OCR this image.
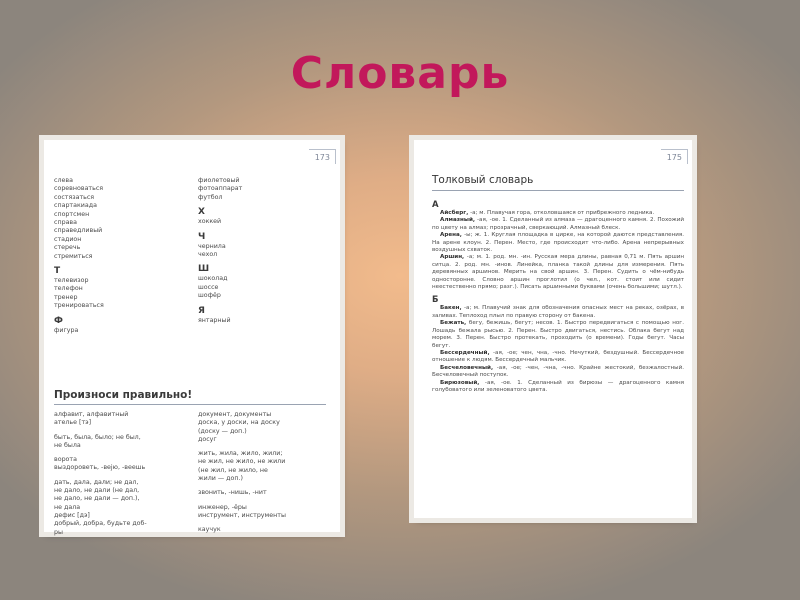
Словарь
173
слева
соревноваться
состязаться
спартакиада
спортсмен
справа
справедливый
стадион
стеречь
стремиться
Т
телевизор
телефон
тренер
тренироваться
Ф
фигура
фиолетовый
фотоаппарат
футбол
Х
хоккей
Ч
чернила
чехол
Ш
шоколад
шоссе
шофёр
Я
янтарный
Произноси правильно!
алфавит, алфавитный
ателье [тэ]
быть, была, было; не был,
не была
ворота
выздороветь, -веjю, -веешь
дать, дала, дали; не дал,
не дало, не дали (не дал,
не дало, не дали — доп.),
не дала
дефис [дэ]
добрый, добра, будьте доб-
ры
документ, документы
доска, у доски, на доску
(доску — доп.)
досуг
жить, жила, жило, жили;
не жил, не жило, не жили
(не жил, не жило, не
жили — доп.)
звонить, -нишь, -нит
инженер, -ёры
инструмент, инструменты
каучук
175
Толковый словарь
А

Айсберг, -а; м. Плавучая гора, отколовшаяся от прибрежного ледника.

Алмазный, -ая, -ое. 1. Сделанный из алмаза — драгоценного камня. 2. Похожий по цвету на алмаз; прозрачный, сверкающий. Алмазный блеск.

Арена, -ы; ж. 1. Круглая площадка в цирке, на которой даются представления. На арене клоун. 2. Перен. Место, где происходит что-либо. Арена непрерывных воздушных схваток.

Аршин, -а; м. 1. род. мн. -ин. Русская мера длины, равная 0,71 м. Пять аршин ситца. 2. род. мн. -инов. Линейка, планка такой длины для измерения. Пять деревянных аршинов. Мерить на свой аршин. 3. Перен. Судить о чём-нибудь односторонне. Словно аршин проглотил (о чел., кот. стоит или сидит неестественно прямо; разг.). Писать аршинными буквами (очень большими; шутл.).

Б

Бакен, -а; м. Плавучий знак для обозначения опасных мест на реках, озёрах, в заливах. Теплоход плыл по правую сторону от бакена.

Бежать, бегу, бежишь, бегут; несов. 1. Быстро передвигаться с помощью ног. Лошадь бежала рысью. 2. Перен. Быстро двигаться, нестись. Облака бегут над морем. 3. Перен. Быстро протекать, проходить (о времени). Годы бегут. Часы бегут.

Бессердечный, -ая, -ое; чен, чна, -чно. Нечуткий, бездушный. Бессердечное отношение к людям. Бессердечный мальчик.

Бесчеловечный, -ая, -ое; -чен, -чна, -чно. Крайне жестокий, безжалостный. Бесчеловечный поступок.

Бирюзовый, -ая, -ое. 1. Сделанный из бирюзы — драгоценного камня голубоватого или зеленоватого цвета.
